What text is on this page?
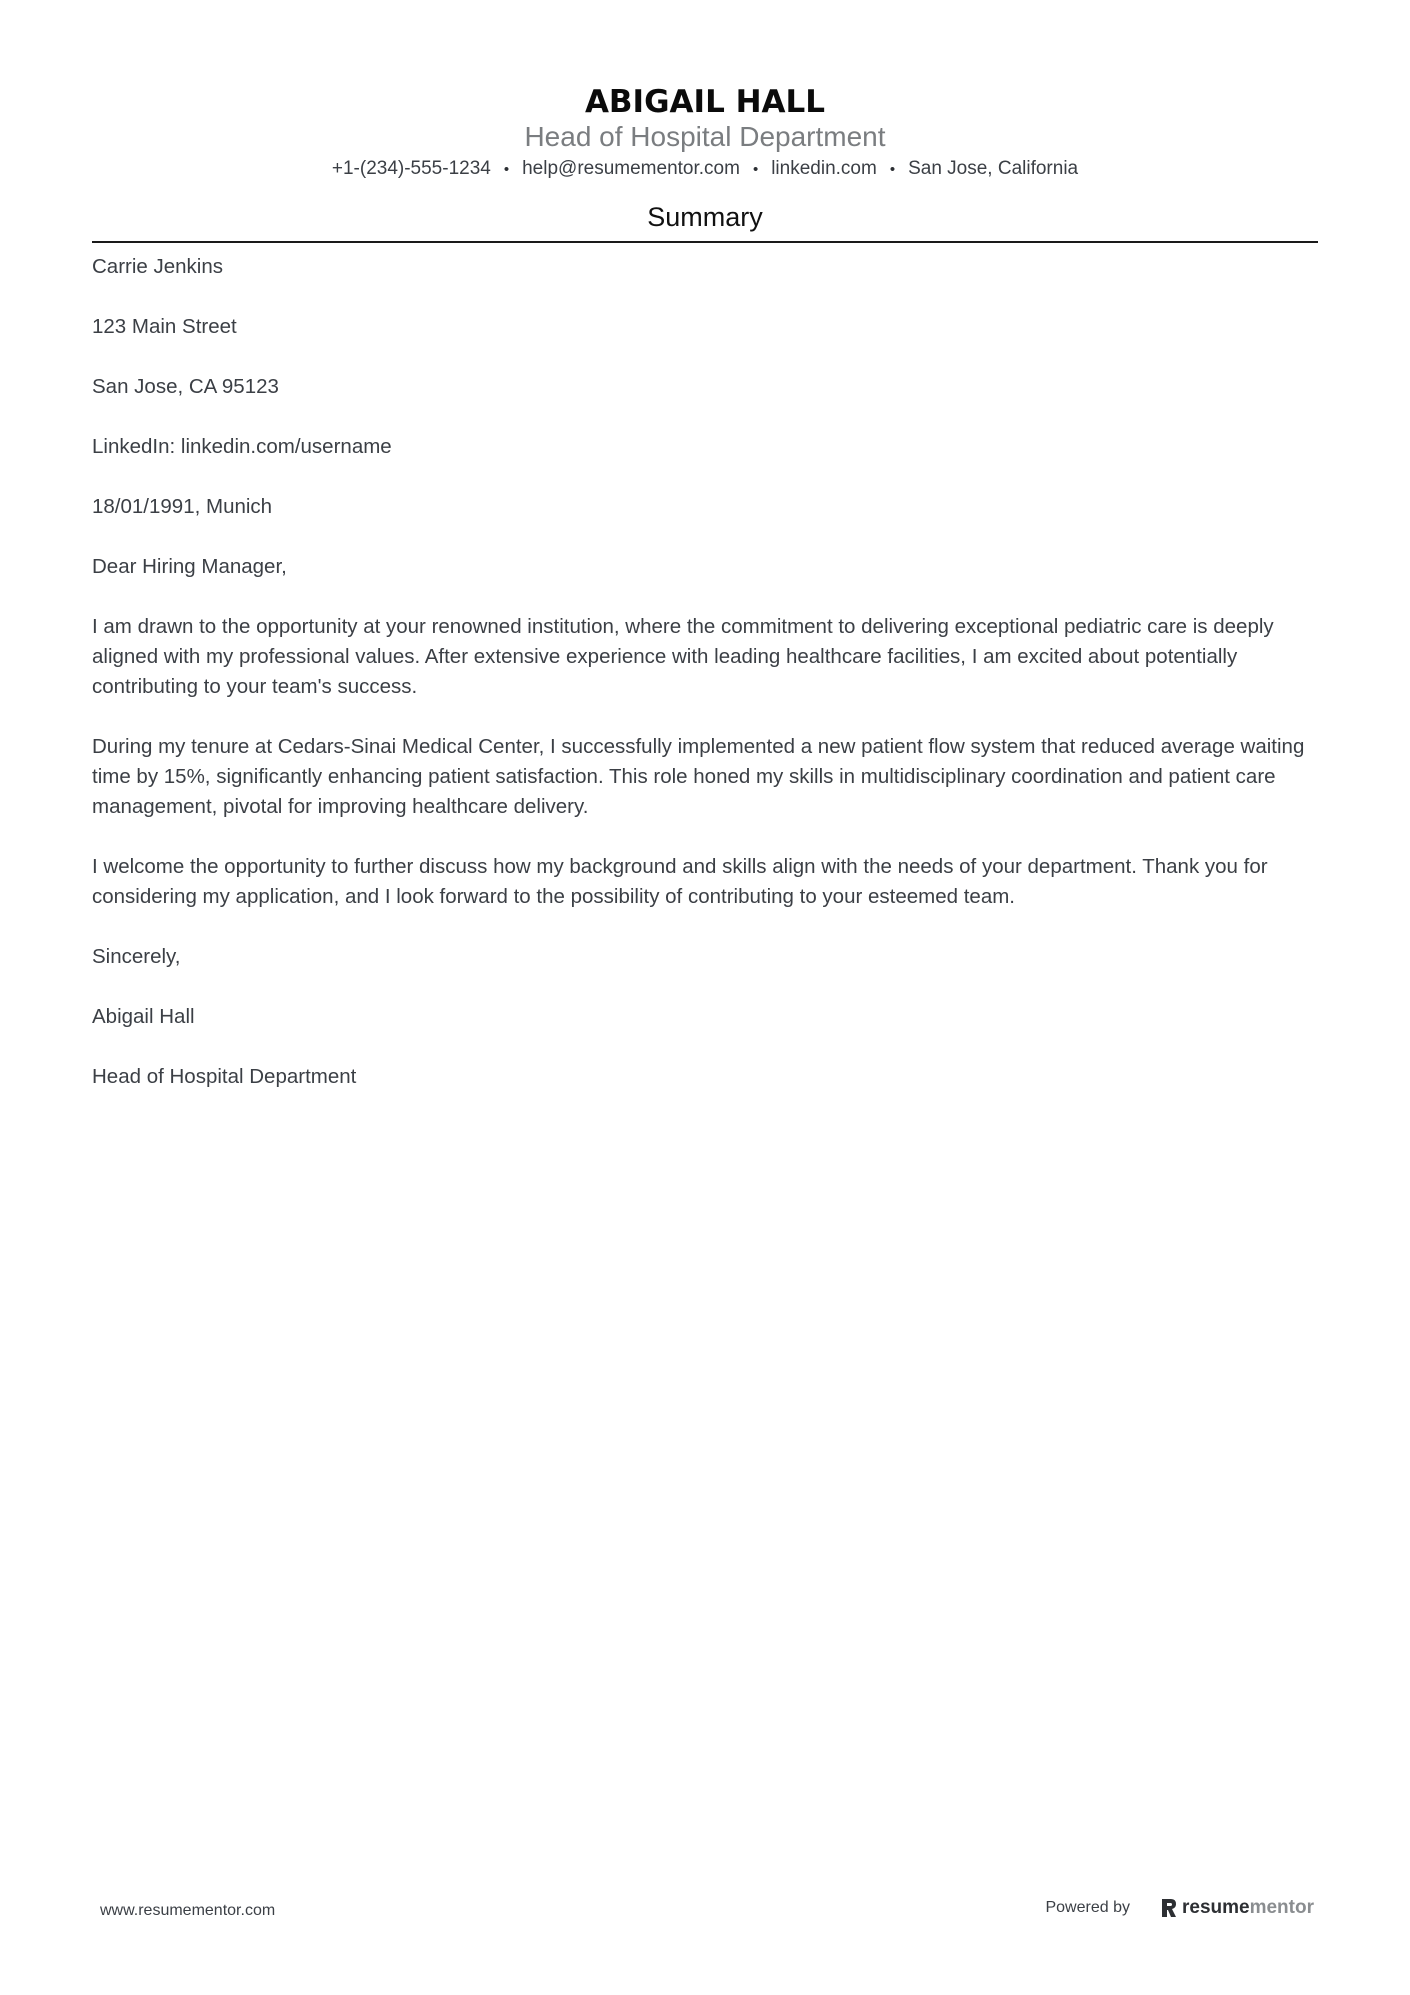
ABIGAIL HALL
Head of Hospital Department
+1-(234)-555-1234 • help@resumementor.com • linkedin.com • San Jose, California
Summary

Carrie Jenkins

123 Main Street

San Jose, CA 95123

LinkedIn: linkedin.com/username

18/01/1991, Munich

Dear Hiring Manager,

I am drawn to the opportunity at your renowned institution, where the commitment to delivering exceptional pediatric care is deeply aligned with my professional values. After extensive experience with leading healthcare facilities, I am excited about potentially contributing to your team's success.

During my tenure at Cedars-Sinai Medical Center, I successfully implemented a new patient flow system that reduced average waiting time by 15%, significantly enhancing patient satisfaction. This role honed my skills in multidisciplinary coordination and patient care management, pivotal for improving healthcare delivery.

I welcome the opportunity to further discuss how my background and skills align with the needs of your department. Thank you for considering my application, and I look forward to the possibility of contributing to your esteemed team.

Sincerely,

Abigail Hall

Head of Hospital Department

www.resumementor.com	Powered by	resumementor
